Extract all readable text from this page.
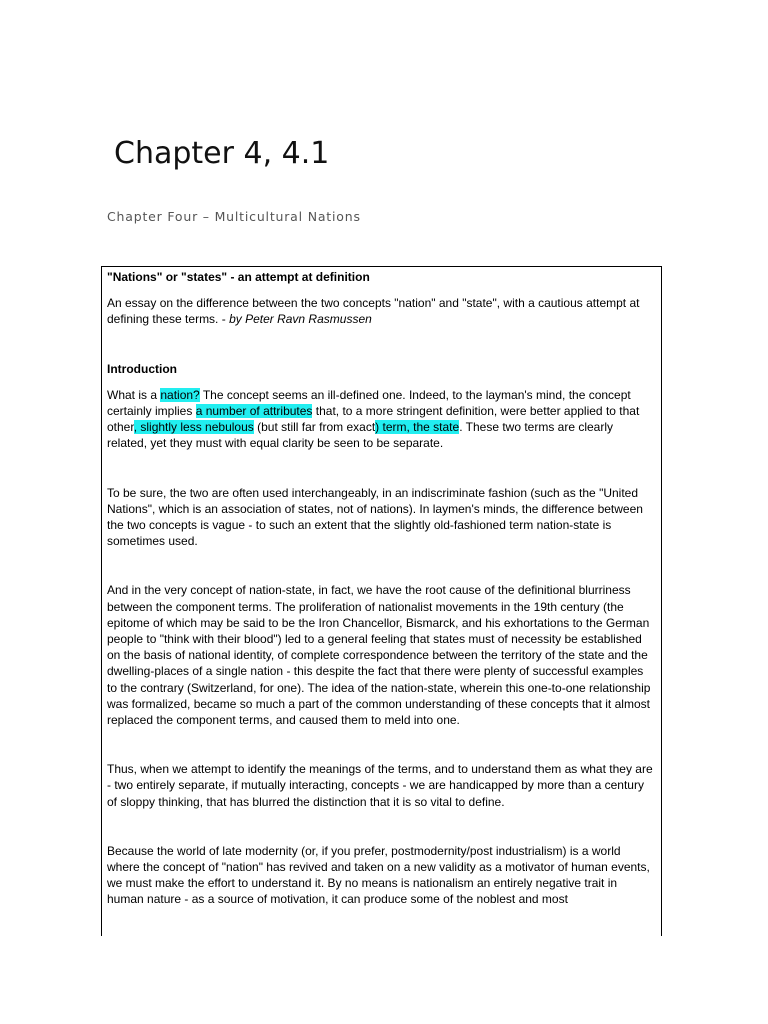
Chapter 4, 4.1
Chapter Four – Multicultural Nations

"Nations" or "states" - an attempt at definition

An essay on the difference between the two concepts "nation" and "state", with a cautious attempt at defining these terms. - by Peter Ravn Rasmussen

Introduction

What is a nation? The concept seems an ill-defined one. Indeed, to the layman's mind, the concept certainly implies a number of attributes that, to a more stringent definition, were better applied to that other, slightly less nebulous (but still far from exact) term, the state. These two terms are clearly related, yet they must with equal clarity be seen to be separate.

To be sure, the two are often used interchangeably, in an indiscriminate fashion (such as the "United Nations", which is an association of states, not of nations). In laymen's minds, the difference between the two concepts is vague - to such an extent that the slightly old-fashioned term nation-state is sometimes used.

And in the very concept of nation-state, in fact, we have the root cause of the definitional blurriness between the component terms. The proliferation of nationalist movements in the 19th century (the epitome of which may be said to be the Iron Chancellor, Bismarck, and his exhortations to the German people to "think with their blood") led to a general feeling that states must of necessity be established on the basis of national identity, of complete correspondence between the territory of the state and the dwelling-places of a single nation - this despite the fact that there were plenty of successful examples to the contrary (Switzerland, for one). The idea of the nation-state, wherein this one-to-one relationship was formalized, became so much a part of the common understanding of these concepts that it almost replaced the component terms, and caused them to meld into one.

Thus, when we attempt to identify the meanings of the terms, and to understand them as what they are - two entirely separate, if mutually interacting, concepts - we are handicapped by more than a century of sloppy thinking, that has blurred the distinction that it is so vital to define.

Because the world of late modernity (or, if you prefer, postmodernity/post industrialism) is a world where the concept of "nation" has revived and taken on a new validity as a motivator of human events, we must make the effort to understand it. By no means is nationalism an entirely negative trait in human nature - as a source of motivation, it can produce some of the noblest and most
